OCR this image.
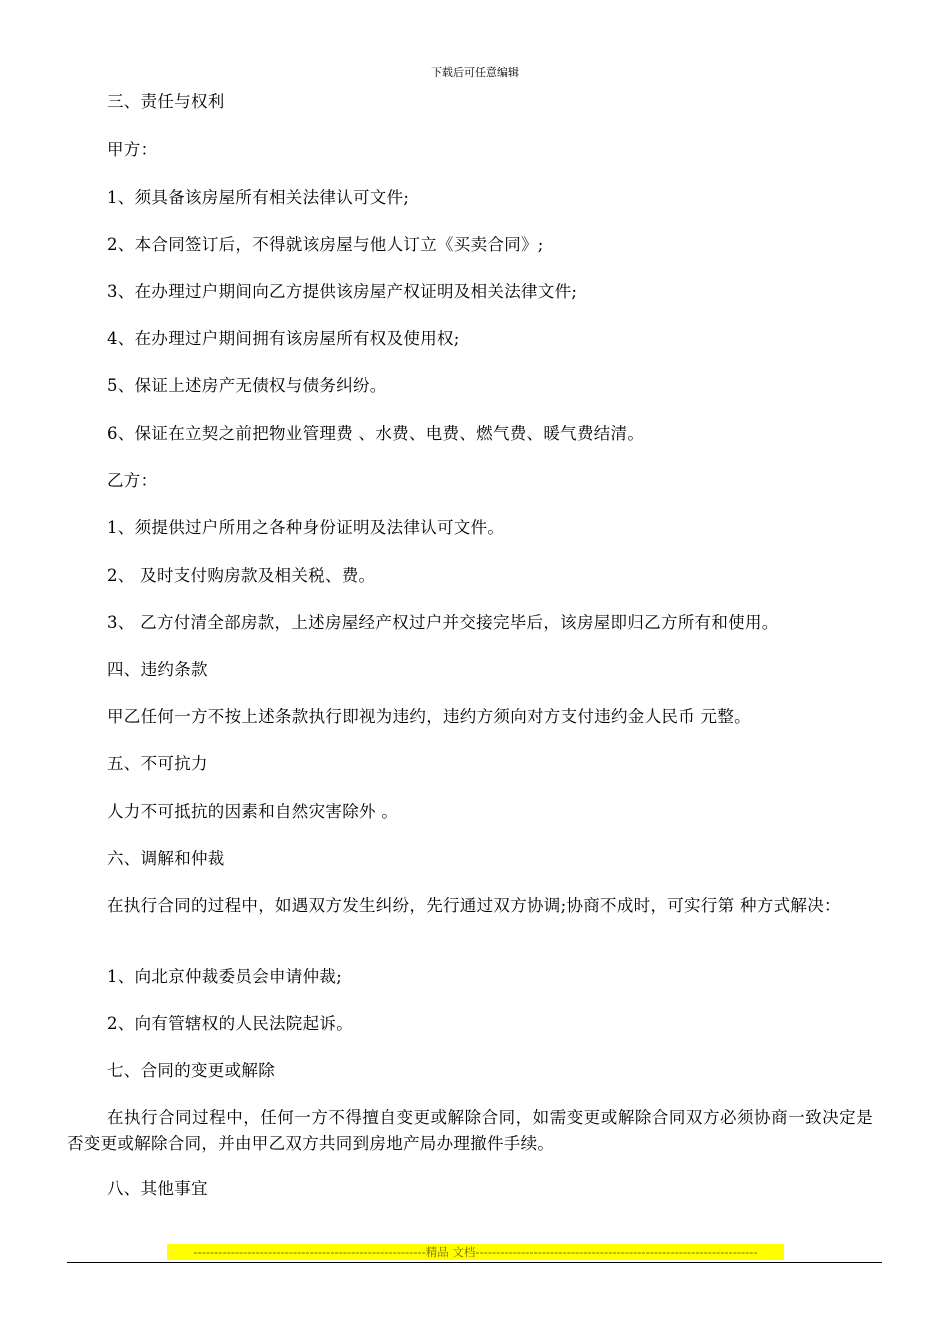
下载后可任意编辑
三、责任与权利
甲方：
1、须具备该房屋所有相关法律认可文件;
2、本合同签订后，不得就该房屋与他人订立《买卖合同》;
3、在办理过户期间向乙方提供该房屋产权证明及相关法律文件;
4、在办理过户期间拥有该房屋所有权及使用权;
5、保证上述房产无债权与债务纠纷。
6、保证在立契之前把物业管理费 、水费、电费、燃气费、暖气费结清。
乙方：
1、须提供过户所用之各种身份证明及法律认可文件。
2、 及时支付购房款及相关税、费。
3、 乙方付清全部房款，上述房屋经产权过户并交接完毕后，该房屋即归乙方所有和使用。
四、违约条款
甲乙任何一方不按上述条款执行即视为违约，违约方须向对方支付违约金人民币 元整。
五、不可抗力
人力不可抵抗的因素和自然灾害除外 。
六、调解和仲裁
在执行合同的过程中，如遇双方发生纠纷，先行通过双方协调;协商不成时，可实行第 种方式解决：
1、向北京仲裁委员会申请仲裁;
2、向有管辖权的人民法院起诉。
七、合同的变更或解除
在执行合同过程中，任何一方不得擅自变更或解除合同，如需变更或解除合同双方必须协商一致决定是否变更或解除合同，并由甲乙双方共同到房地产局办理撤件手续。
八、其他事宜
--------------------------------------------------------精品 文档--------------------------------------------------------------------
